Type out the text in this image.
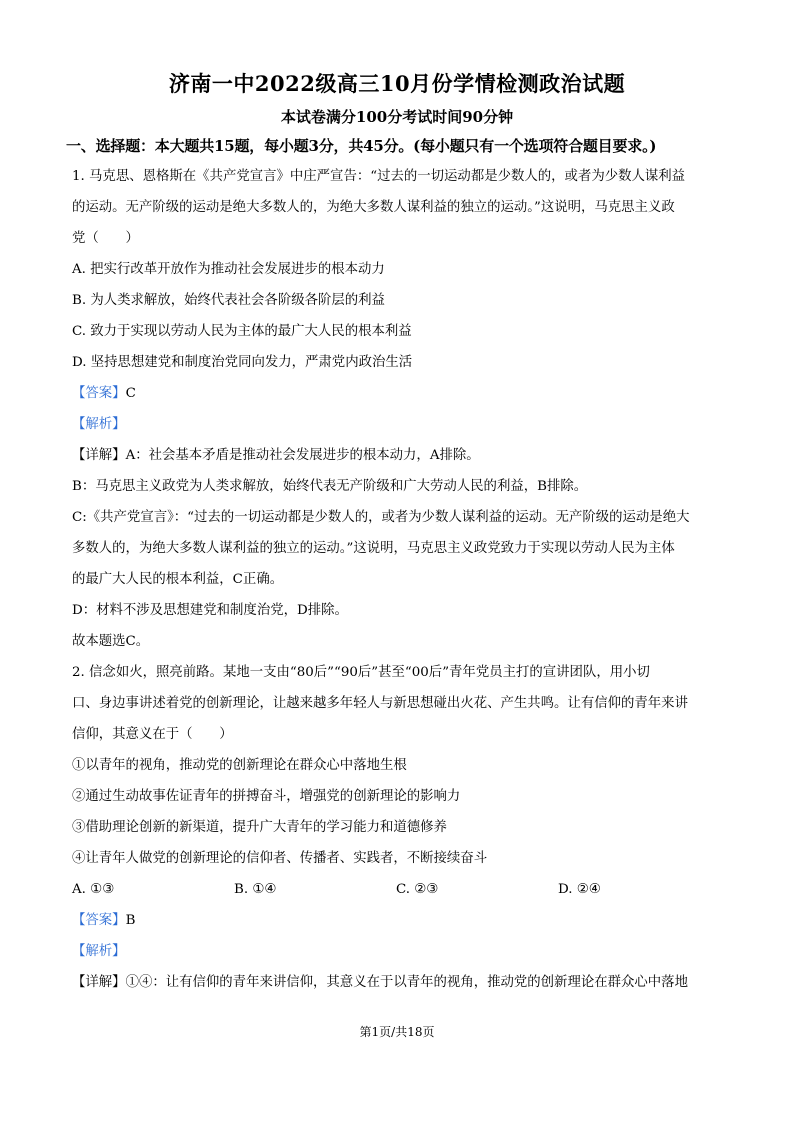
济南一中2022级高三10月份学情检测政治试题
本试卷满分100分考试时间90分钟
一、选择题：本大题共15题，每小题3分，共45分。(每小题只有一个选项符合题目要求。)

1. 马克思、恩格斯在《共产党宣言》中庄严宣告：“过去的一切运动都是少数人的，或者为少数人谋利益

的运动。无产阶级的运动是绝大多数人的，为绝大多数人谋利益的独立的运动。”这说明，马克思主义政

党（　　）

A. 把实行改革开放作为推动社会发展进步的根本动力

B. 为人类求解放，始终代表社会各阶级各阶层的利益

C. 致力于实现以劳动人民为主体的最广大人民的根本利益

D. 坚持思想建党和制度治党同向发力，严肃党内政治生活

【答案】C

【解析】

【详解】A：社会基本矛盾是推动社会发展进步的根本动力，A排除。

B：马克思主义政党为人类求解放，始终代表无产阶级和广大劳动人民的利益，B排除。

C:《共产党宣言》：“过去的一切运动都是少数人的，或者为少数人谋利益的运动。无产阶级的运动是绝大

多数人的，为绝大多数人谋利益的独立的运动。”这说明，马克思主义政党致力于实现以劳动人民为主体

的最广大人民的根本利益，C正确。

D：材料不涉及思想建党和制度治党，D排除。

故本题选C。

2. 信念如火，照亮前路。某地一支由“80后”“90后”甚至“00后”青年党员主打的宣讲团队，用小切

口、身边事讲述着党的创新理论，让越来越多年轻人与新思想碰出火花、产生共鸣。让有信仰的青年来讲

信仰，其意义在于（　　）

①以青年的视角，推动党的创新理论在群众心中落地生根

②通过生动故事佐证青年的拼搏奋斗，增强党的创新理论的影响力

③借助理论创新的新渠道，提升广大青年的学习能力和道德修养

④让青年人做党的创新理论的信仰者、传播者、实践者，不断接续奋斗

A. ①③	B. ①④	C. ②③	D. ②④

【答案】B

【解析】

【详解】①④：让有信仰的青年来讲信仰，其意义在于以青年的视角，推动党的创新理论在群众心中落地

第1页/共18页
